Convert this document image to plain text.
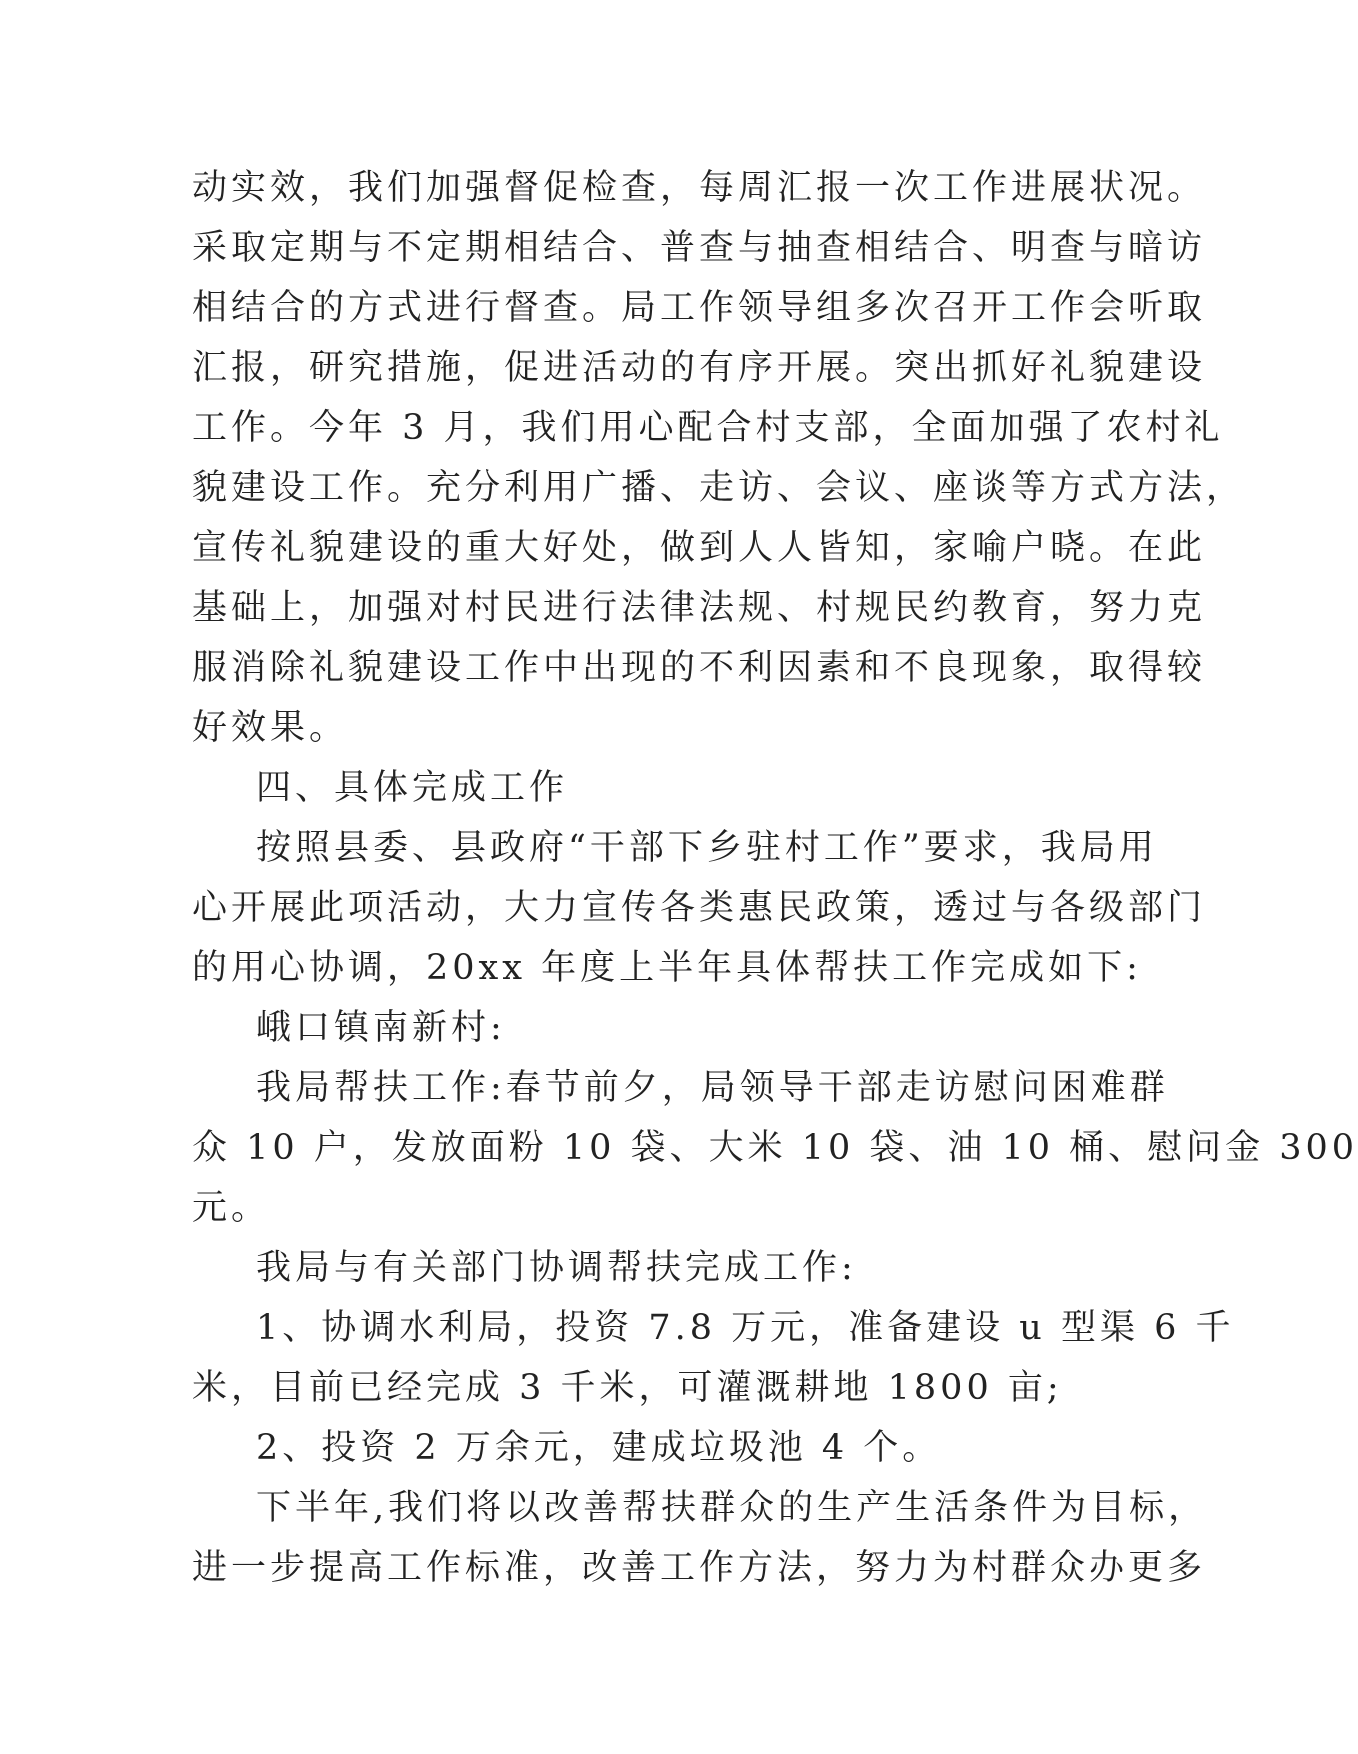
动实效，我们加强督促检查，每周汇报一次工作进展状况。
采取定期与不定期相结合、普查与抽查相结合、明查与暗访
相结合的方式进行督查。局工作领导组多次召开工作会听取
汇报，研究措施，促进活动的有序开展。突出抓好礼貌建设
工作。今年 3 月，我们用心配合村支部，全面加强了农村礼
貌建设工作。充分利用广播、走访、会议、座谈等方式方法，
宣传礼貌建设的重大好处，做到人人皆知，家喻户晓。在此
基础上，加强对村民进行法律法规、村规民约教育，努力克
服消除礼貌建设工作中出现的不利因素和不良现象，取得较
好效果。
四、具体完成工作
按照县委、县政府“干部下乡驻村工作”要求，我局用
心开展此项活动，大力宣传各类惠民政策，透过与各级部门
的用心协调，20xx 年度上半年具体帮扶工作完成如下:
峨口镇南新村:
我局帮扶工作:春节前夕，局领导干部走访慰问困难群
众 10 户，发放面粉 10 袋、大米 10 袋、油 10 桶、慰问金 300
元。
我局与有关部门协调帮扶完成工作:
1、协调水利局，投资 7.8 万元，准备建设 u 型渠 6 千
米，目前已经完成 3 千米，可灌溉耕地 1800 亩;
2、投资 2 万余元，建成垃圾池 4 个。
下半年,我们将以改善帮扶群众的生产生活条件为目标，
进一步提高工作标准，改善工作方法，努力为村群众办更多
